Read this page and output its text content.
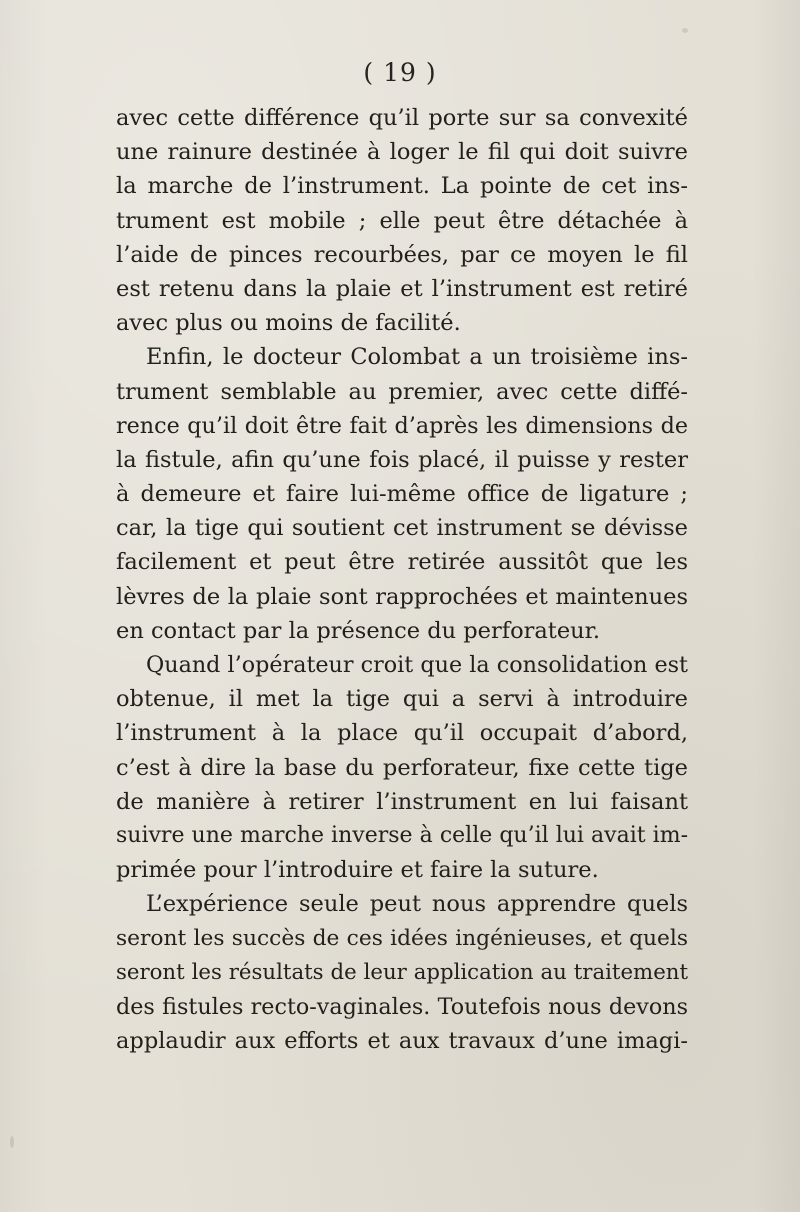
( 19 )
avec cette différence qu’il porte sur sa convexité
une rainure destinée à loger le fil qui doit suivre
la marche de l’instrument. La pointe de cet ins-
trument est mobile ; elle peut être détachée à
l’aide de pinces recourbées, par ce moyen le fil
est retenu dans la plaie et l’instrument est retiré
avec plus ou moins de facilité.
Enfin, le docteur Colombat a un troisième ins-
trument semblable au premier, avec cette diffé-
rence qu’il doit être fait d’après les dimensions de
la fistule, afin qu’une fois placé, il puisse y rester
à demeure et faire lui-même office de ligature ;
car, la tige qui soutient cet instrument se dévisse
facilement et peut être retirée aussitôt que les
lèvres de la plaie sont rapprochées et maintenues
en contact par la présence du perforateur.
Quand l’opérateur croit que la consolidation est
obtenue, il met la tige qui a servi à introduire
l’instrument à la place qu’il occupait d’abord,
c’est à dire la base du perforateur, fixe cette tige
de manière à retirer l’instrument en lui faisant
suivre une marche inverse à celle qu’il lui avait im-
primée pour l’introduire et faire la suture.
L’expérience seule peut nous apprendre quels
seront les succès de ces idées ingénieuses, et quels
seront les résultats de leur application au traitement
des fistules recto-vaginales. Toutefois nous devons
applaudir aux efforts et aux travaux d’une imagi-
